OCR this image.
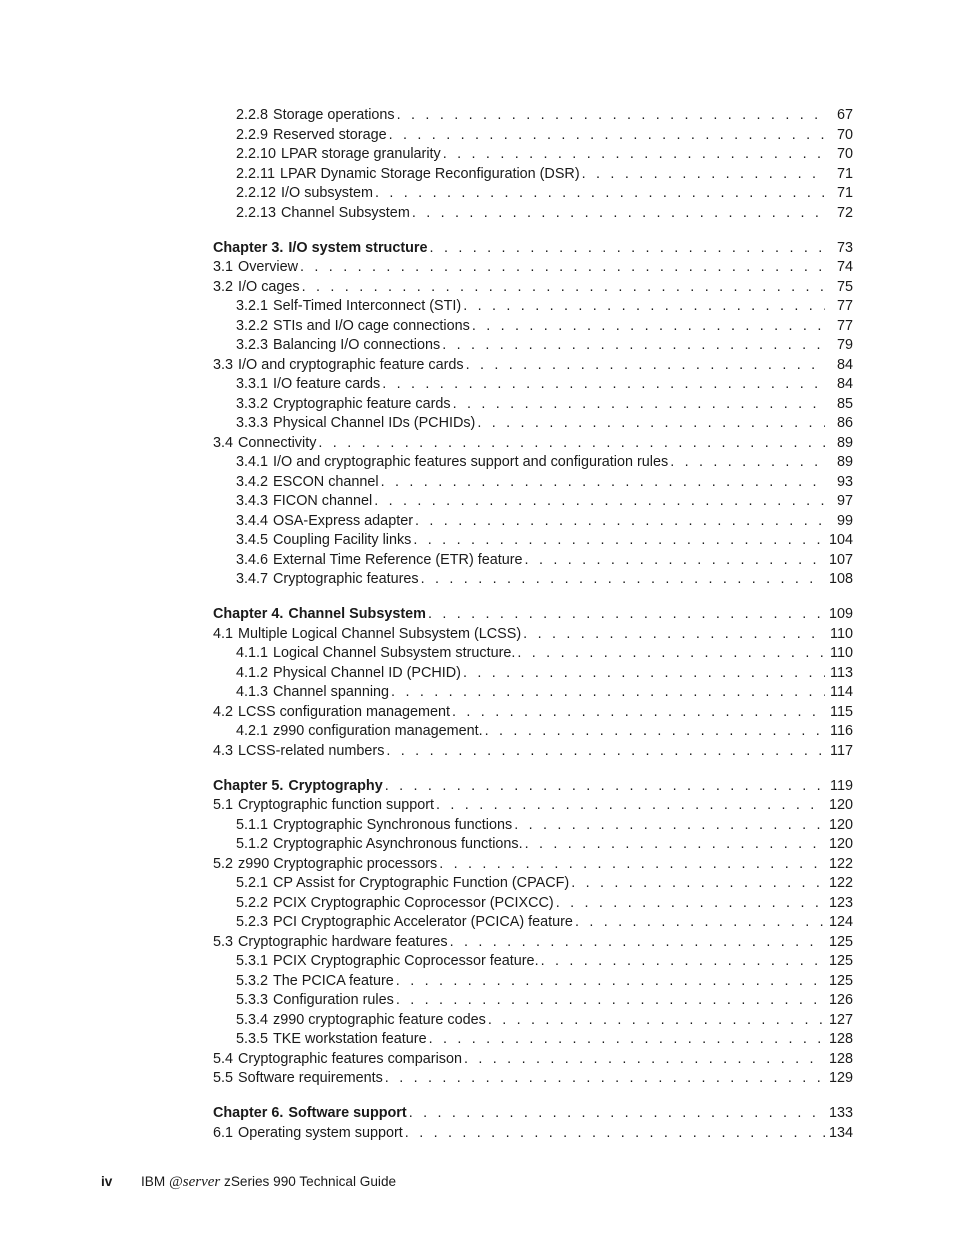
2.2.8 Storage operations . . .	67
2.2.9 Reserved storage . . .	70
2.2.10 LPAR storage granularity . . .	70
2.2.11 LPAR Dynamic Storage Reconfiguration (DSR) . . .	71
2.2.12 I/O subsystem . . .	71
2.2.13 Channel Subsystem . . .	72
Chapter 3. I/O system structure . . .	73
3.1 Overview . . .	74
3.2 I/O cages . . .	75
3.2.1 Self-Timed Interconnect (STI) . . .	77
3.2.2 STIs and I/O cage connections . . .	77
3.2.3 Balancing I/O connections . . .	79
3.3 I/O and cryptographic feature cards . . .	84
3.3.1 I/O feature cards . . .	84
3.3.2 Cryptographic feature cards . . .	85
3.3.3 Physical Channel IDs (PCHIDs) . . .	86
3.4 Connectivity . . .	89
3.4.1 I/O and cryptographic features support and configuration rules . . .	89
3.4.2 ESCON channel . . .	93
3.4.3 FICON channel . . .	97
3.4.4 OSA-Express adapter . . .	99
3.4.5 Coupling Facility links . . .	104
3.4.6 External Time Reference (ETR) feature . . .	107
3.4.7 Cryptographic features . . .	108
Chapter 4. Channel Subsystem . . .	109
4.1 Multiple Logical Channel Subsystem (LCSS) . . .	110
4.1.1 Logical Channel Subsystem structure. . . .	110
4.1.2 Physical Channel ID (PCHID) . . .	113
4.1.3 Channel spanning . . .	114
4.2 LCSS configuration management . . .	115
4.2.1 z990 configuration management. . . .	116
4.3 LCSS-related numbers . . .	117
Chapter 5. Cryptography . . .	119
5.1 Cryptographic function support . . .	120
5.1.1 Cryptographic Synchronous functions . . .	120
5.1.2 Cryptographic Asynchronous functions. . . .	120
5.2 z990 Cryptographic processors . . .	122
5.2.1 CP Assist for Cryptographic Function (CPACF) . . .	122
5.2.2 PCIX Cryptographic Coprocessor (PCIXCC) . . .	123
5.2.3 PCI Cryptographic Accelerator (PCICA) feature . . .	124
5.3 Cryptographic hardware features . . .	125
5.3.1 PCIX Cryptographic Coprocessor feature. . . .	125
5.3.2 The PCICA feature . . .	125
5.3.3 Configuration rules . . .	126
5.3.4 z990 cryptographic feature codes . . .	127
5.3.5 TKE workstation feature . . .	128
5.4 Cryptographic features comparison . . .	128
5.5 Software requirements . . .	129
Chapter 6. Software support . . .	133
6.1 Operating system support . . .	134
iv IBM @server zSeries 990 Technical Guide
